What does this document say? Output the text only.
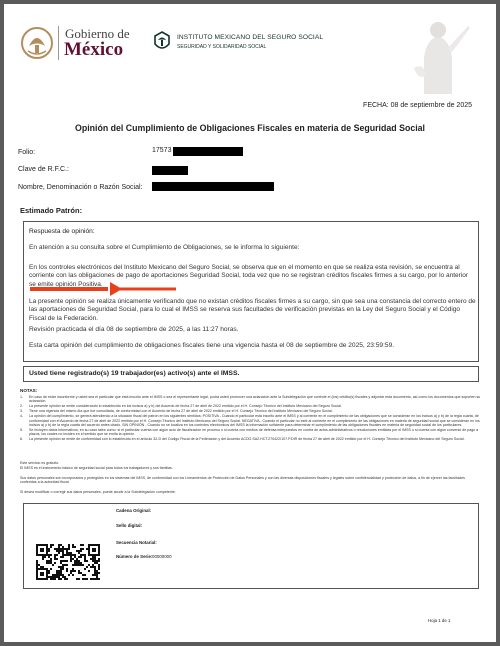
Gobierno de
México
INSTITUTO MEXICANO DEL SEGURO SOCIAL
SEGURIDAD Y SOLIDARIDAD SOCIAL
FECHA: 08 de septiembre de 2025
Opinión del Cumplimiento de Obligaciones Fiscales en materia de Seguridad Social
Folio:	17573
Clave de R.F.C.:
Nombre, Denominación o Razón Social:
Estimado Patrón:
Respuesta de opinión:
En atención a su consulta sobre el Cumplimiento de Obligaciones, se le informa lo siguiente:
En los controles electrónicos del Instituto Mexicano del Seguro Social, se observa que en el momento en que se realiza esta revisión, se encuentra al
corriente con las obligaciones de pago de aportaciones Seguridad Social, toda vez que no se registran créditos fiscales firmes a su cargo, por lo anterior
se emite opinión Positiva.
La presente opinión se realiza únicamente verificando que no existan créditos fiscales firmes a su cargo, sin que sea una constancia del correcto entero de
las aportaciones de Seguridad Social, para lo cual el IMSS se reserva sus facultades de verificación previstas en la Ley del Seguro Social y el Código
Fiscal de la Federación.
Revisión practicada el día 08 de septiembre de 2025, a las 11:27 horas.
Esta carta opinión del cumplimiento de obligaciones fiscales tiene una vigencia hasta el 08 de septiembre de 2025, 23:59:59.
Usted tiene registrado(s) 19 trabajador(es) activo(s) ante el IMSS.
NOTAS:
1.	En caso de estar inconforme y usted sea el particular que está inscrito ante el IMSS o sea el representante legal, podrá usted promover una aclaración ante la Subdelegación que controle el (los) crédito(s) fiscales y adjuntar esta documento, así como los documentos que soporten su aclaración.
2.	La presente opinión se emite considerando lo establecido en los incisos a) y b) del Acuerdo de fecha 27 de abril de 2022 emitido por el H. Consejo Técnico del Instituto Mexicano del Seguro Social.
3.	Tiene una vigencia del mismo día que fue consultada, de conformidad con el Acuerdo de fecha 27 de abril de 2022 emitido por el H. Consejo Técnico del Instituto Mexicano del Seguro Social.
4.	La opinión del cumplimiento, se genera atendiendo a la situación fiscal del patrón en los siguientes sentidos: POSITIVA - Cuando el particular está inscrito ante el IMSS y al corriente en el cumplimiento de las obligaciones que se consideran en los incisos a) y b) de la regla cuarta, de conformidad con el Acuerdo de fecha 27 de abril de 2022 emitido por el H. Consejo Técnico del Instituto Mexicano del Seguro Social. NEGATIVA - Cuando el particular no esté al corriente en el cumplimiento de las obligaciones en materia de seguridad social que se consideran en los incisos a) y b) de la regla cuarta del acuerdo antes citado. SIN OPINIÓN - Cuando no se localiza en los controles electrónicos del IMSS la información suficiente para determinar el cumplimiento de las obligaciones fiscales en materia de seguridad social de los particulares.
5.	Se incluyen datos informativos, en su caso tales como: si el particular cuenta con algún acto de fiscalización en proceso o si cuenta con medios de defensa interpuestos en contra de actos administrativos o resoluciones emitidas por el IMSS o si cuenta con algún convenio de pago a plazos, los cuales no inciden en el sentido que se emita la opinión.
6.	La presente opinión se emite de conformidad con lo establecido en el artículo 32-D del Código Fiscal de la Federación y del Acuerdo ACDO.SA2.HCT.270422/107.P.DIR de fecha 27 de abril de 2022 emitido por el H. Consejo Técnico del Instituto Mexicano del Seguro Social.
Este servicio es gratuito.
El IMSS es el instrumento básico de seguridad social para todos los trabajadores y sus familias.
Sus datos personales son incorporados y protegidos en los sistemas del IMSS, de conformidad con los Lineamientos de Protección de Datos Personales y con las diversas disposiciones fiscales y legales sobre confidencialidad y protección de datos, a fin de ejercer las facultades conferidas a la autoridad fiscal.
Si desea modificar o corregir sus datos personales, puede acudir a la Subdelegación competente.
Cadena Original:
Sello digital:
Secuencia Notarial:
Número de Serie: 00000000
Hoja 1 de 1
